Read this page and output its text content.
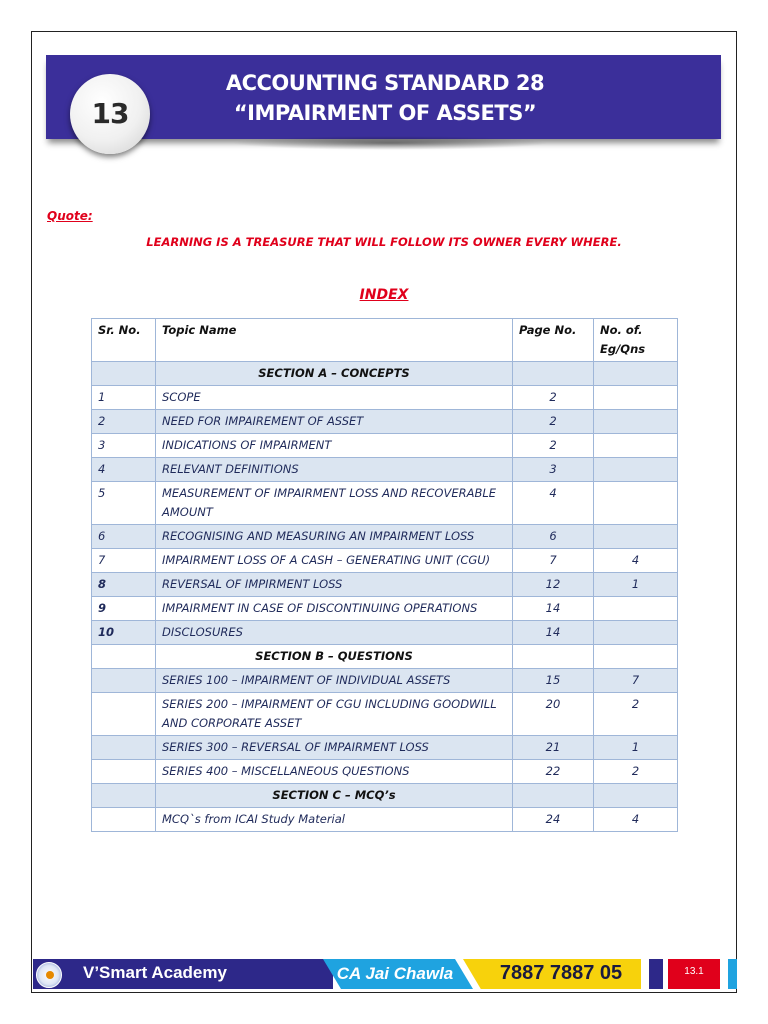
13
ACCOUNTING STANDARD 28
“IMPAIRMENT OF ASSETS”
Quote:
LEARNING IS A TREASURE THAT WILL FOLLOW ITS OWNER EVERY WHERE.
INDEX
Sr. No.	Topic Name	Page No.	No. of. Eg/Qns
	SECTION A – CONCEPTS		
1	SCOPE	2	
2	NEED FOR IMPAIREMENT OF ASSET	2	
3	INDICATIONS OF IMPAIRMENT	2	
4	RELEVANT DEFINITIONS	3	
5	MEASUREMENT OF IMPAIRMENT LOSS AND RECOVERABLE AMOUNT	4	
6	RECOGNISING AND MEASURING AN IMPAIRMENT LOSS	6	
7	IMPAIRMENT LOSS OF A CASH – GENERATING UNIT (CGU)	7	4
8	REVERSAL OF IMPIRMENT LOSS	12	1
9	IMPAIRMENT IN CASE OF DISCONTINUING OPERATIONS	14	
10	DISCLOSURES	14	
	SECTION B – QUESTIONS		
	SERIES 100 – IMPAIRMENT OF INDIVIDUAL ASSETS	15	7
	SERIES 200 – IMPAIRMENT OF CGU INCLUDING GOODWILL AND CORPORATE ASSET	20	2
	SERIES 300 – REVERSAL OF IMPAIRMENT LOSS	21	1
	SERIES 400 – MISCELLANEOUS QUESTIONS	22	2
	SECTION C – MCQ’s		
	MCQ`s from ICAI Study Material	24	4
V’Smart Academy	CA Jai Chawla	7887 7887 05	13.1
